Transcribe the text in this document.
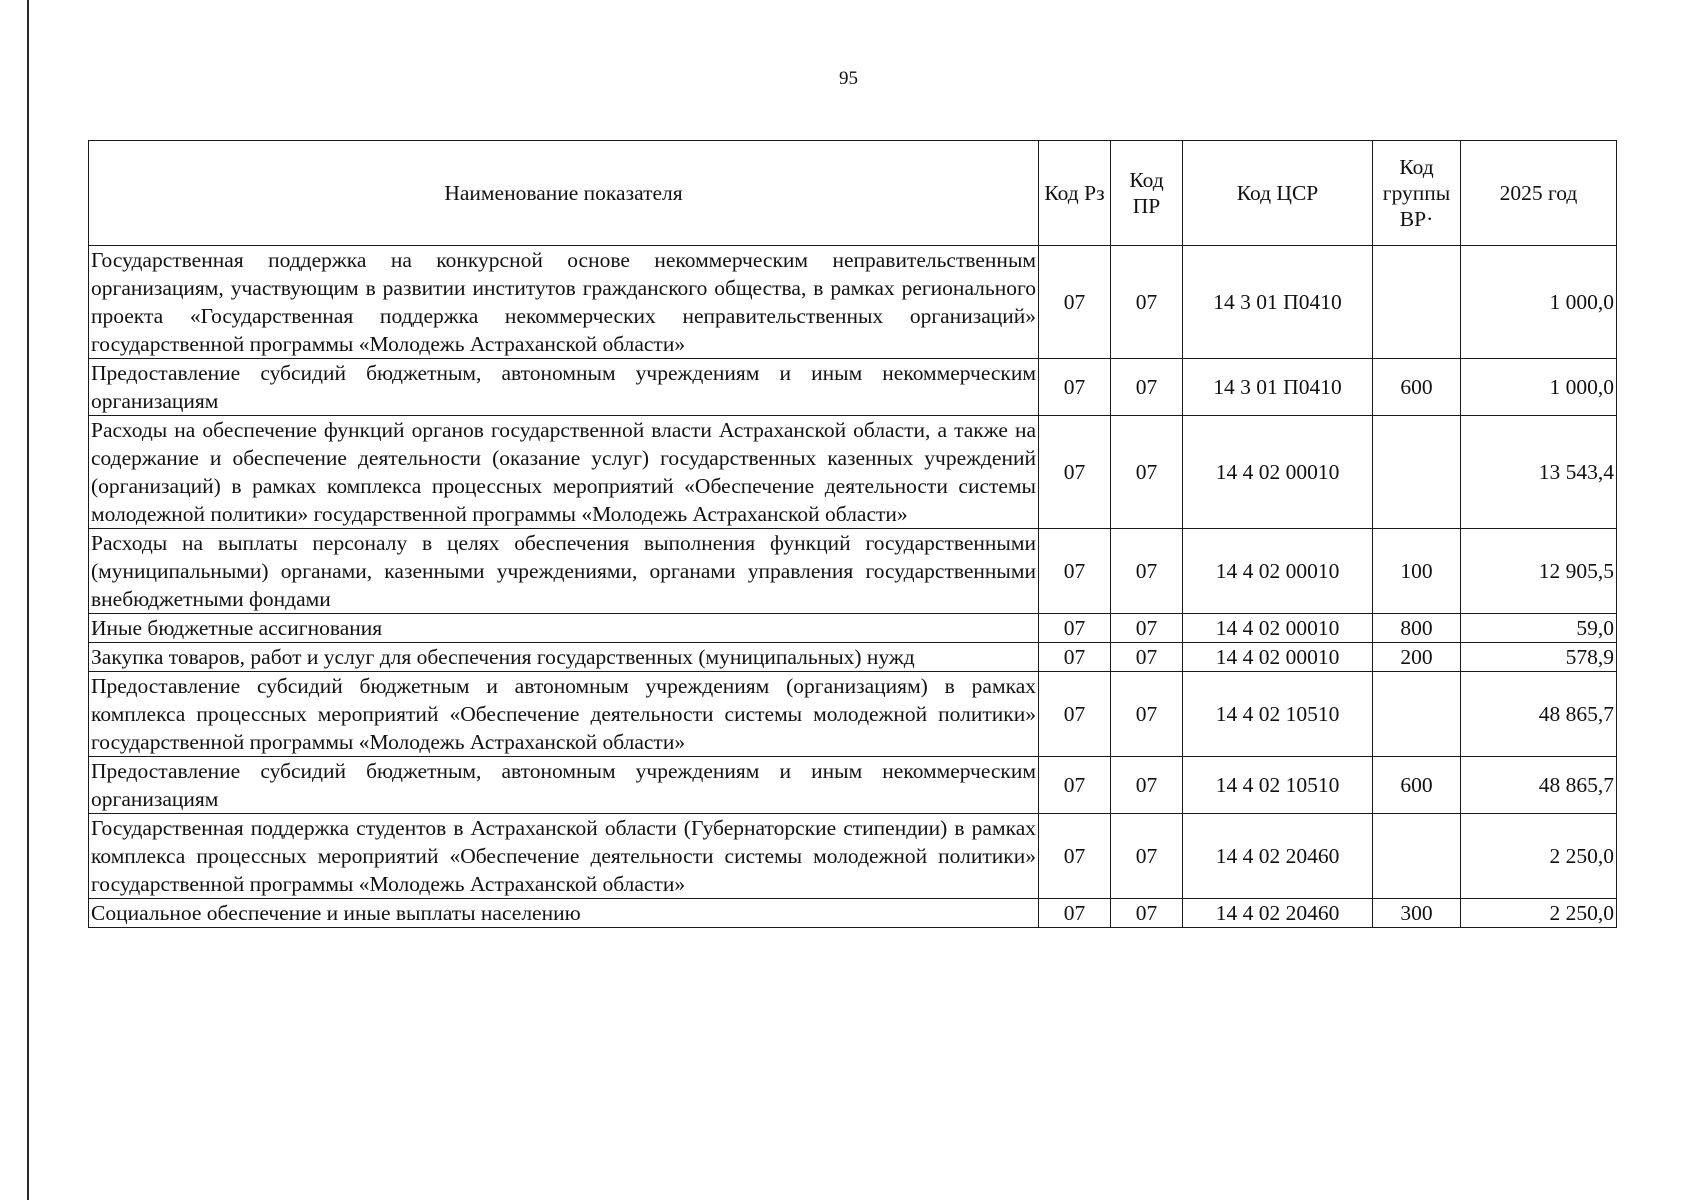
95
Наименование показателя	Код Рз	Код ПР	Код ЦСР	Код группы ВР·	2025 год
Государственная поддержка на конкурсной основе некоммерческим неправительственным организациям, участвующим в развитии институтов гражданского общества, в рамках регионального проекта «Государственная поддержка некоммерческих неправительственных организаций» государственной программы «Молодежь Астраханской области»	07	07	14 3 01 П0410		1 000,0
Предоставление субсидий бюджетным, автономным учреждениям и иным некоммерческим организациям	07	07	14 3 01 П0410	600	1 000,0
Расходы на обеспечение функций органов государственной власти Астраханской области, а также на содержание и обеспечение деятельности (оказание услуг) государственных казенных учреждений (организаций) в рамках комплекса процессных мероприятий «Обеспечение деятельности системы молодежной политики» государственной программы «Молодежь Астраханской области»	07	07	14 4 02 00010		13 543,4
Расходы на выплаты персоналу в целях обеспечения выполнения функций государственными (муниципальными) органами, казенными учреждениями, органами управления государственными внебюджетными фондами	07	07	14 4 02 00010	100	12 905,5
Иные бюджетные ассигнования	07	07	14 4 02 00010	800	59,0
Закупка товаров, работ и услуг для обеспечения государственных (муниципальных) нужд	07	07	14 4 02 00010	200	578,9
Предоставление субсидий бюджетным и автономным учреждениям (организациям) в рамках комплекса процессных мероприятий «Обеспечение деятельности системы молодежной политики» государственной программы «Молодежь Астраханской области»	07	07	14 4 02 10510		48 865,7
Предоставление субсидий бюджетным, автономным учреждениям и иным некоммерческим организациям	07	07	14 4 02 10510	600	48 865,7
Государственная поддержка студентов в Астраханской области (Губернаторские стипендии) в рамках комплекса процессных мероприятий «Обеспечение деятельности системы молодежной политики» государственной программы «Молодежь Астраханской области»	07	07	14 4 02 20460		2 250,0
Социальное обеспечение и иные выплаты населению	07	07	14 4 02 20460	300	2 250,0
